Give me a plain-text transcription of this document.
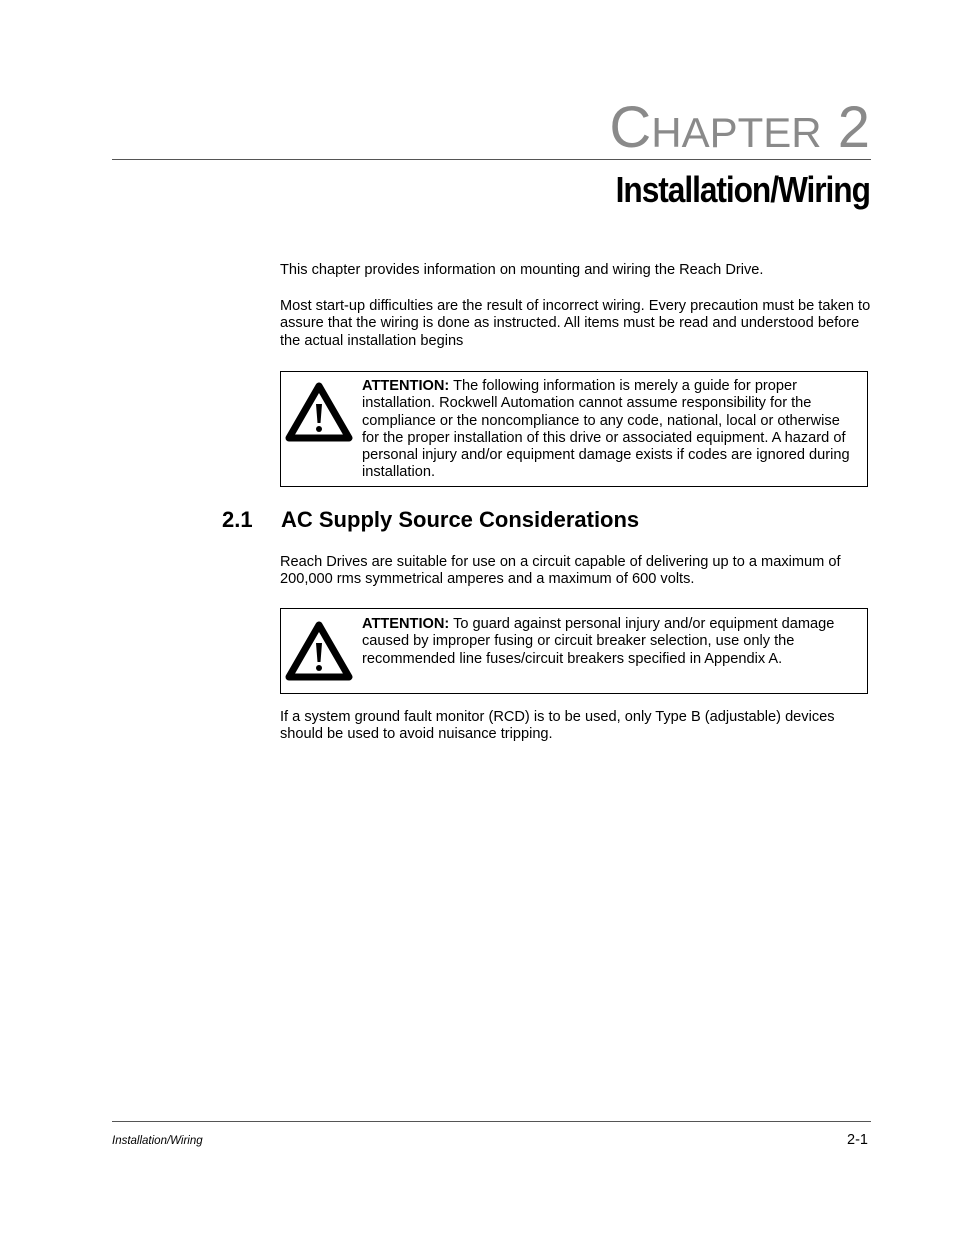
CHAPTER 2
Installation/Wiring
This chapter provides information on mounting and wiring the Reach Drive.
Most start-up difficulties are the result of incorrect wiring. Every precaution must be taken to assure that the wiring is done as instructed. All items must be read and understood before the actual installation begins
ATTENTION: The following information is merely a guide for proper installation. Rockwell Automation cannot assume responsibility for the compliance or the noncompliance to any code, national, local or otherwise for the proper installation of this drive or associated equipment. A hazard of personal injury and/or equipment damage exists if codes are ignored during installation.
2.1 AC Supply Source Considerations
Reach Drives are suitable for use on a circuit capable of delivering up to a maximum of 200,000 rms symmetrical amperes and a maximum of 600 volts.
ATTENTION: To guard against personal injury and/or equipment damage caused by improper fusing or circuit breaker selection, use only the recommended line fuses/circuit breakers specified in Appendix A.
If a system ground fault monitor (RCD) is to be used, only Type B (adjustable) devices should be used to avoid nuisance tripping.
Installation/Wiring	2-1
